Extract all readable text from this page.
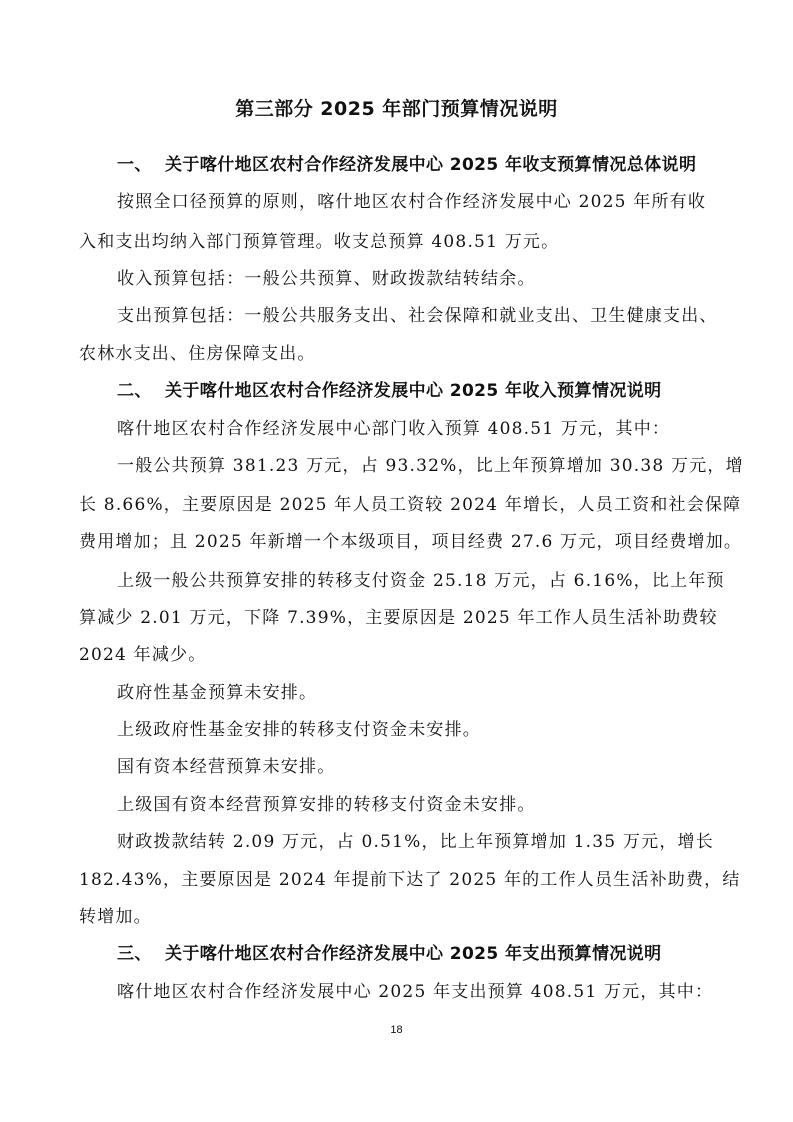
第三部分 2025 年部门预算情况说明
一、 关于喀什地区农村合作经济发展中心 2025 年收支预算情况总体说明
按照全口径预算的原则，喀什地区农村合作经济发展中心 2025 年所有收
入和支出均纳入部门预算管理。收支总预算 408.51 万元。
收入预算包括：一般公共预算、财政拨款结转结余。
支出预算包括：一般公共服务支出、社会保障和就业支出、卫生健康支出、
农林水支出、住房保障支出。
二、 关于喀什地区农村合作经济发展中心 2025 年收入预算情况说明
喀什地区农村合作经济发展中心部门收入预算 408.51 万元，其中：
一般公共预算 381.23 万元，占 93.32%，比上年预算增加 30.38 万元，增
长 8.66%，主要原因是 2025 年人员工资较 2024 年增长，人员工资和社会保障
费用增加；且 2025 年新增一个本级项目，项目经费 27.6 万元，项目经费增加。
上级一般公共预算安排的转移支付资金 25.18 万元，占 6.16%，比上年预
算减少 2.01 万元，下降 7.39%，主要原因是 2025 年工作人员生活补助费较
2024 年减少。
政府性基金预算未安排。
上级政府性基金安排的转移支付资金未安排。
国有资本经营预算未安排。
上级国有资本经营预算安排的转移支付资金未安排。
财政拨款结转 2.09 万元，占 0.51%，比上年预算增加 1.35 万元，增长
182.43%，主要原因是 2024 年提前下达了 2025 年的工作人员生活补助费，结
转增加。
三、 关于喀什地区农村合作经济发展中心 2025 年支出预算情况说明
喀什地区农村合作经济发展中心 2025 年支出预算 408.51 万元，其中：
18
